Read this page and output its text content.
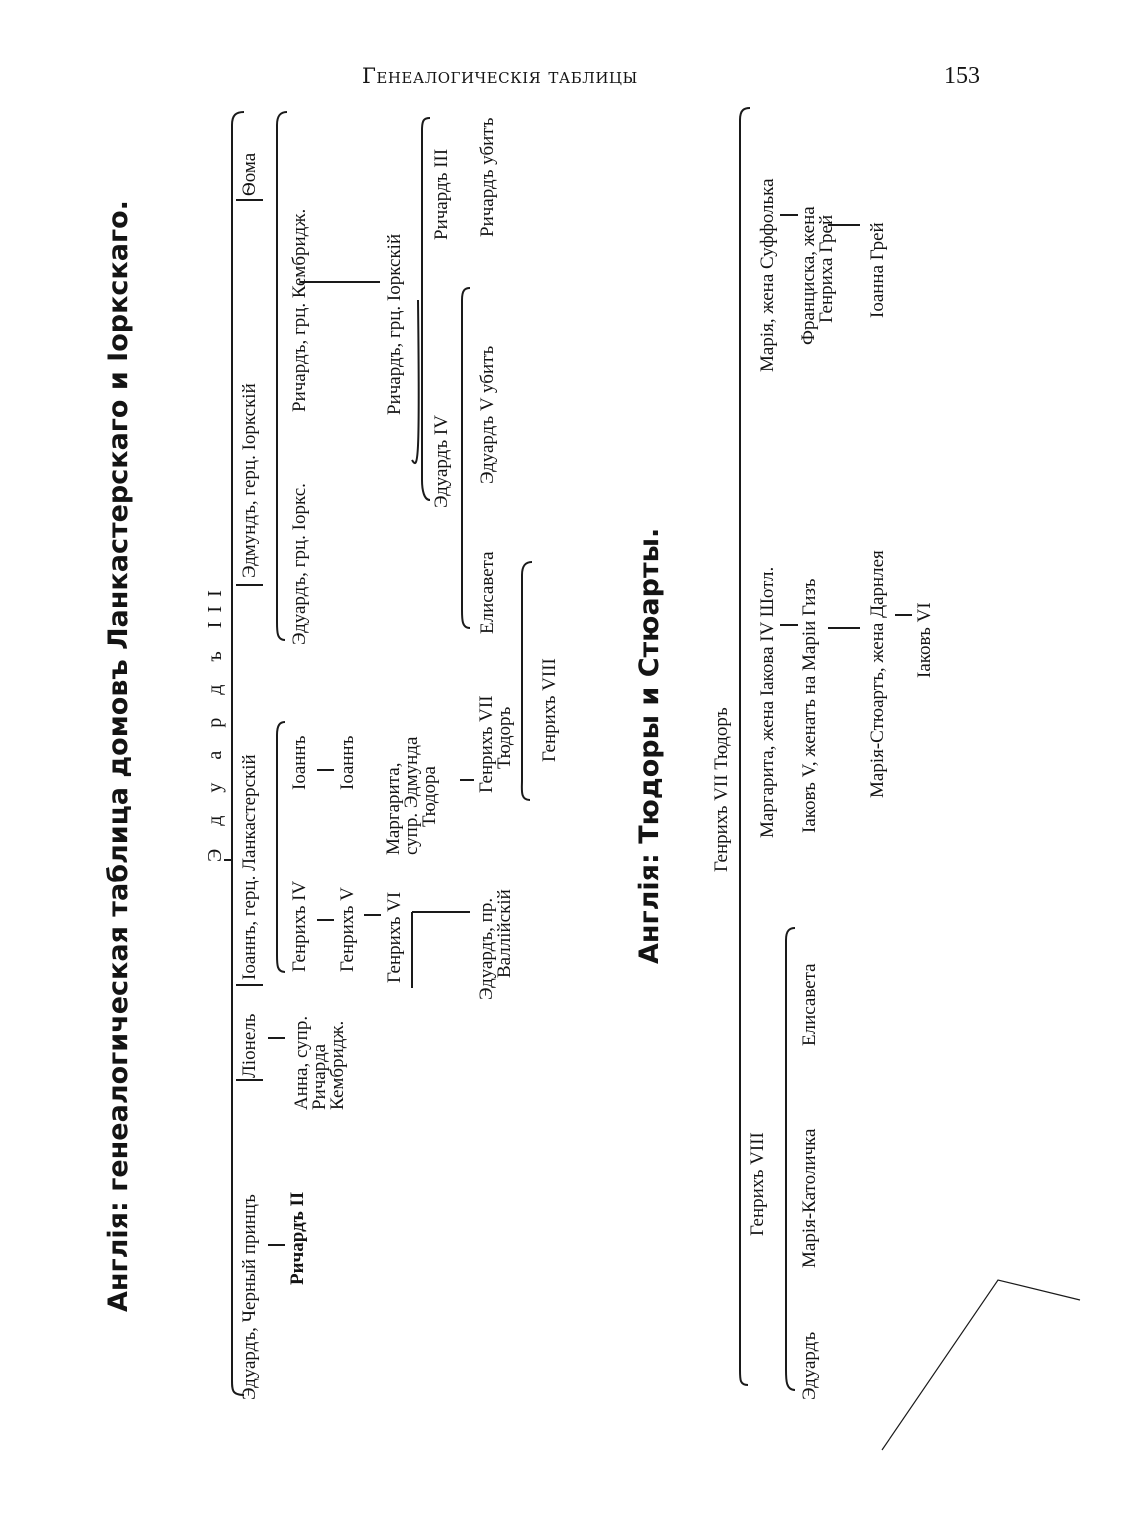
Генеалогическія таблицы	153
Англія: генеалогическая таблица домовъ Ланкастерскаго и Іоркскаго.	Э д у а р д ъ III
Эдуардъ, Черный принцъ
Ліонель
Іоаннъ, герц. Ланкастерскій
Эдмундъ, герц. Іоркскій
Ѳома
Ричардъ II
Анна, супр.
Ричарда
Кембридж.
Генрихъ IV
Іоаннъ
Эдуардъ, грц. Іоркс.
Ричардъ, грц. Кембридж.
Генрихъ V
Іоаннъ
Генрихъ VI
Маргарита,
супр. Эдмунда
Тюдора
Ричардъ, грц. Іоркскій
Эдуардъ IV
Ричардъ III
Эдуардъ, пр.
Валлійскій
Генрихъ VII
Тюдоръ
Елисавета
Эдуардъ V убитъ
Ричардъ убитъ
Генрихъ VIII	Англія: Тюдоры и Стюарты. Генрихъ VII Тюдоръ
Генрихъ VIII
Маргарита, жена Іакова IV Шотл.
Марія, жена Суффолька
Эдуардъ
Марія-Католичка
Елисавета
Іаковъ V, женатъ на Маріи Гизъ
Франциска, жена
Генриха Грей
Марія-Стюартъ, жена Дарнлея
Іоанна Грей
Іаковъ VI
